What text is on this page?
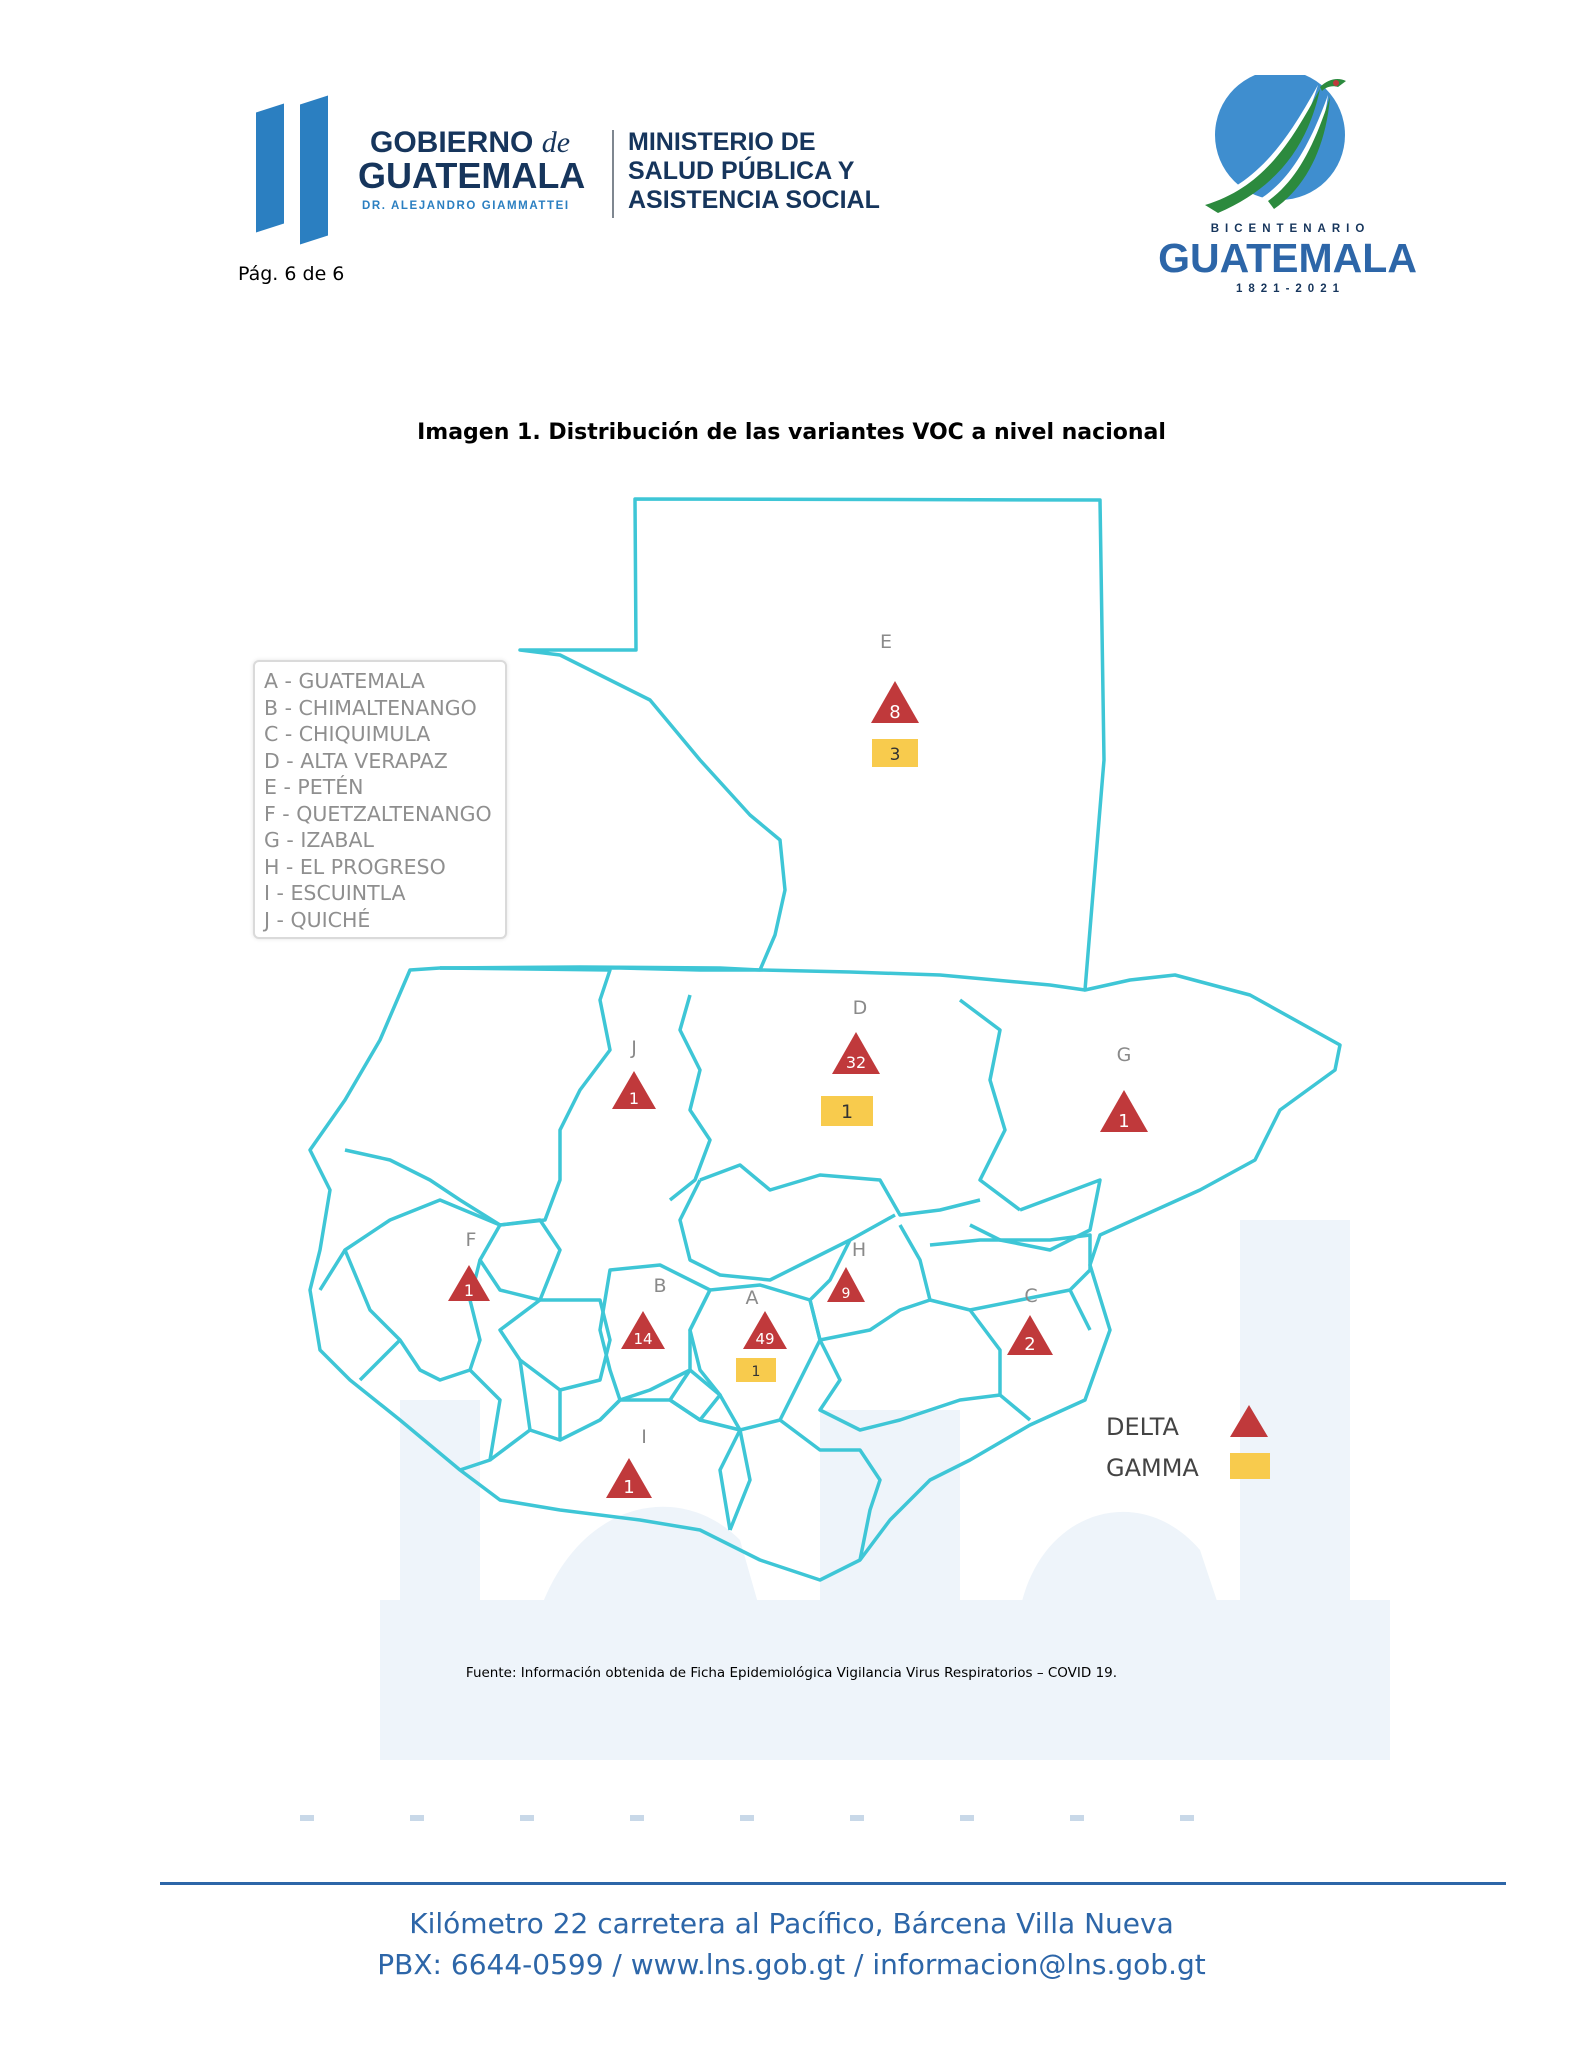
GOBIERNO de
GUATEMALA
DR. ALEJANDRO GIAMMATTEI
MINISTERIO DE
SALUD PÚBLICA Y
ASISTENCIA SOCIAL
Pág. 6 de 6
BICENTENARIO
GUATEMALA
1821-2021
Imagen 1. Distribución de las variantes VOC a nivel nacional
E
8
3
D
32
1
J
1
G
1
F
1
H
9
B
14
A
49
1
C
2
I
1
DELTA
GAMMA
A - GUATEMALA
B - CHIMALTENANGO
C - CHIQUIMULA
D - ALTA VERAPAZ
E - PETÉN
F - QUETZALTENANGO
G - IZABAL
H - EL PROGRESO
I - ESCUINTLA
J - QUICHÉ
Fuente: Información obtenida de Ficha Epidemiológica Vigilancia Virus Respiratorios – COVID 19.
Kilómetro 22 carretera al Pacífico, Bárcena Villa Nueva
PBX: 6644-0599 / www.lns.gob.gt / informacion@lns.gob.gt
